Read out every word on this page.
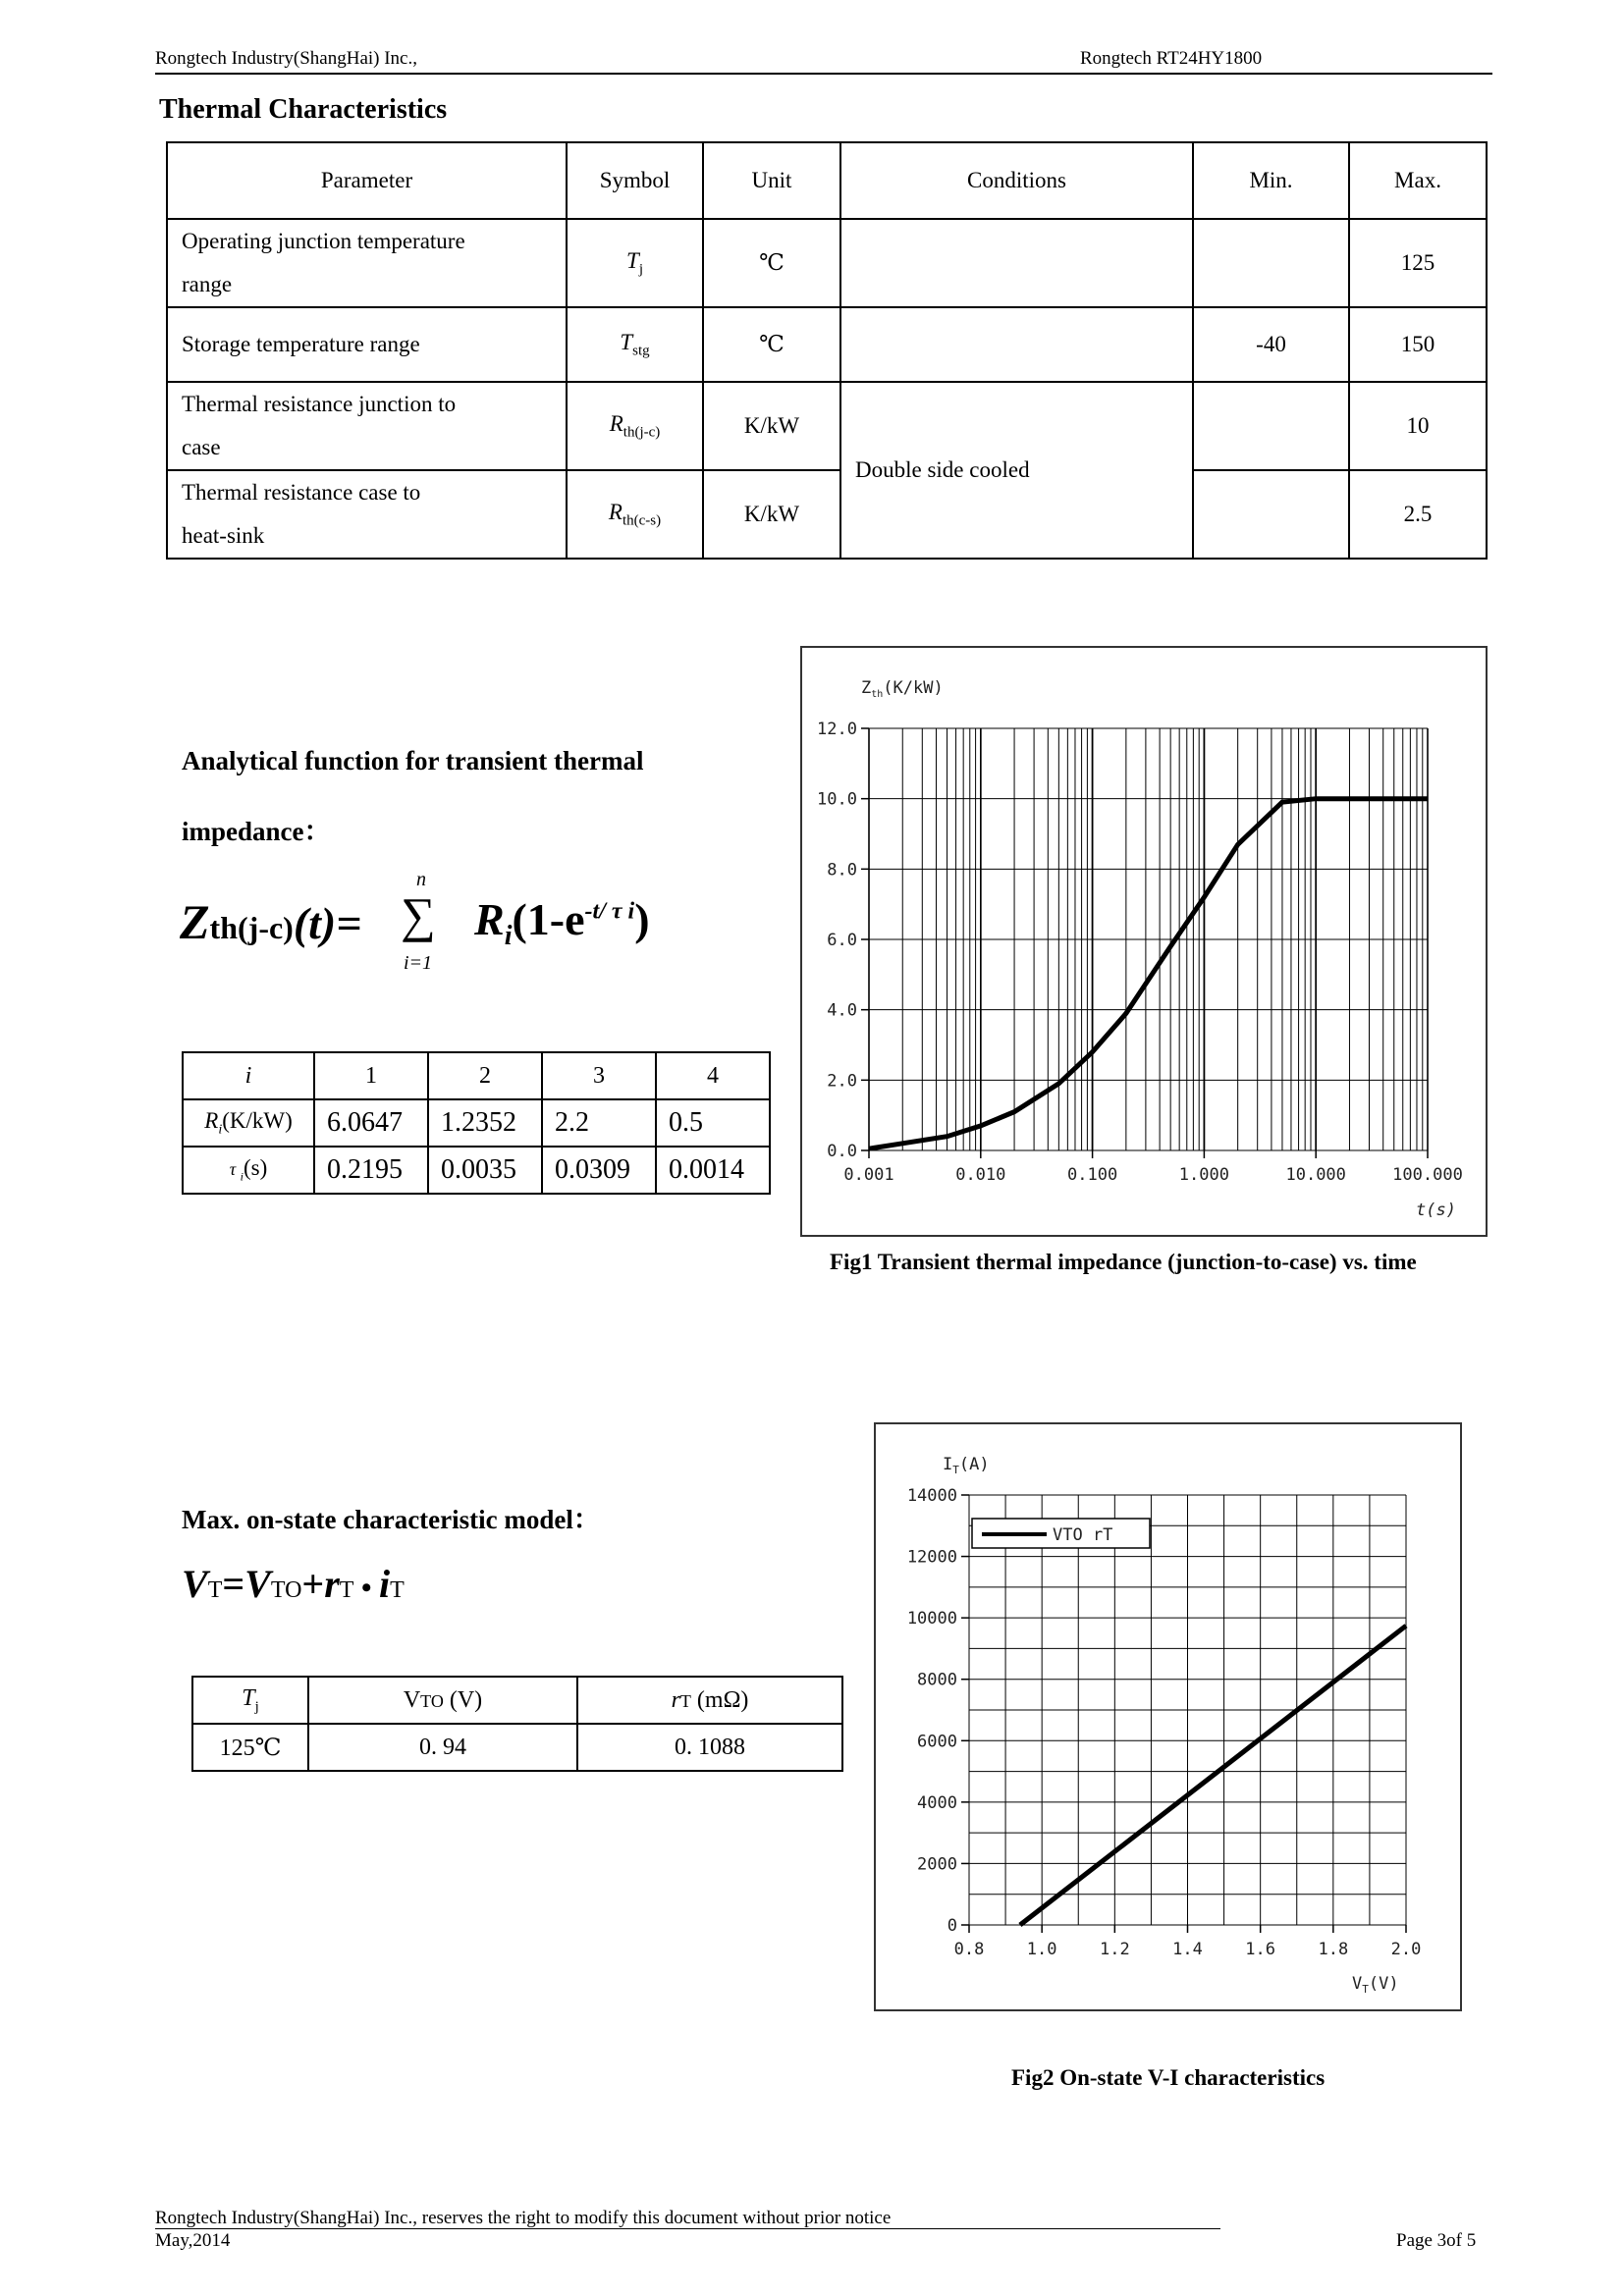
Rongtech Industry(ShangHai) Inc.,	Rongtech RT24HY1800
Thermal Characteristics
Parameter	Symbol	Unit	Conditions	Min.	Max.
Operating junction temperature
range	$T_j$	℃			125
Storage temperature range	$T_{stg}$	℃		-40	150
Thermal resistance junction to
case	$R_{th(j-c)}$	K/kW	Double side cooled		10
Thermal resistance case to
heat-sink	$R_{th(c-s)}$	K/kW			2.5
Analytical function for transient thermal
impedance：
Zth(j-c)(t)=
n
∑
i=1
$R_i(1-e^{-t/ \tau i})$
i	1	2	3	4
$R_i(K/kW)$	6.0647	1.2352	2.2	0.5
τ $_i$(s)	0.2195	0.0035	0.0309	0.0014
$Z_{th}(K/kW)$
12.0
10.0
8.0
6.0
4.0
2.0
0.0
0.001	0.010	0.100	1.000	10.000	100.000
t(s)
Fig1 Transient thermal impedance (junction-to-case) vs. time
Max. on-state characteristic model：
VT=VTO+rT • iT
$T_j$	VTO (V)	rT (mΩ)
125℃	0. 94	0. 1088
$I_T(A)$
14000
12000
10000
8000
6000
4000
2000
0
0.8	1.0	1.2	1.4	1.6	1.8	2.0
VTO rT
$V_T(V)$
Fig2 On-state V-I characteristics
Rongtech Industry(ShangHai) Inc., reserves the right to modify this document without prior notice
May,2014	Page 3of 5
